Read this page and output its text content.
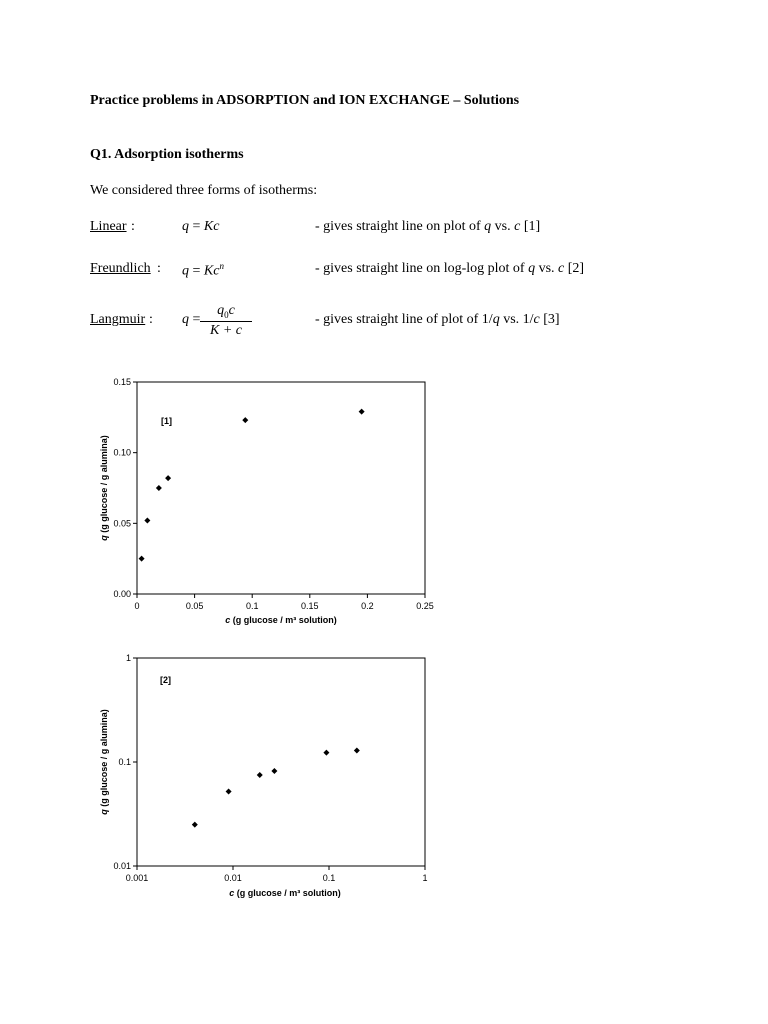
Practice problems in ADSORPTION and ION EXCHANGE – Solutions
Q1. Adsorption isotherms
We considered three forms of isotherms:
Linear :	q = Kc	- gives straight line on plot of q vs. c [1]
Freundlich : $q = Kc^n$	- gives straight line on log-log plot of q vs. c [2]
Langmuir : $q = \frac{q_0c}{K + c}$	- gives straight line of plot of 1/q vs. 1/c [3]
0	0.05	0.1	0.15	0.2	0.25
0.00
0.05
0.10
0.15
[1]
c (g glucose / m³ solution)
q (g glucose / g alumina)
0.001	0.01	0.1	1
0.01
0.1
1
[2]
c (g glucose / m³ solution)
q (g glucose / g alumina)
